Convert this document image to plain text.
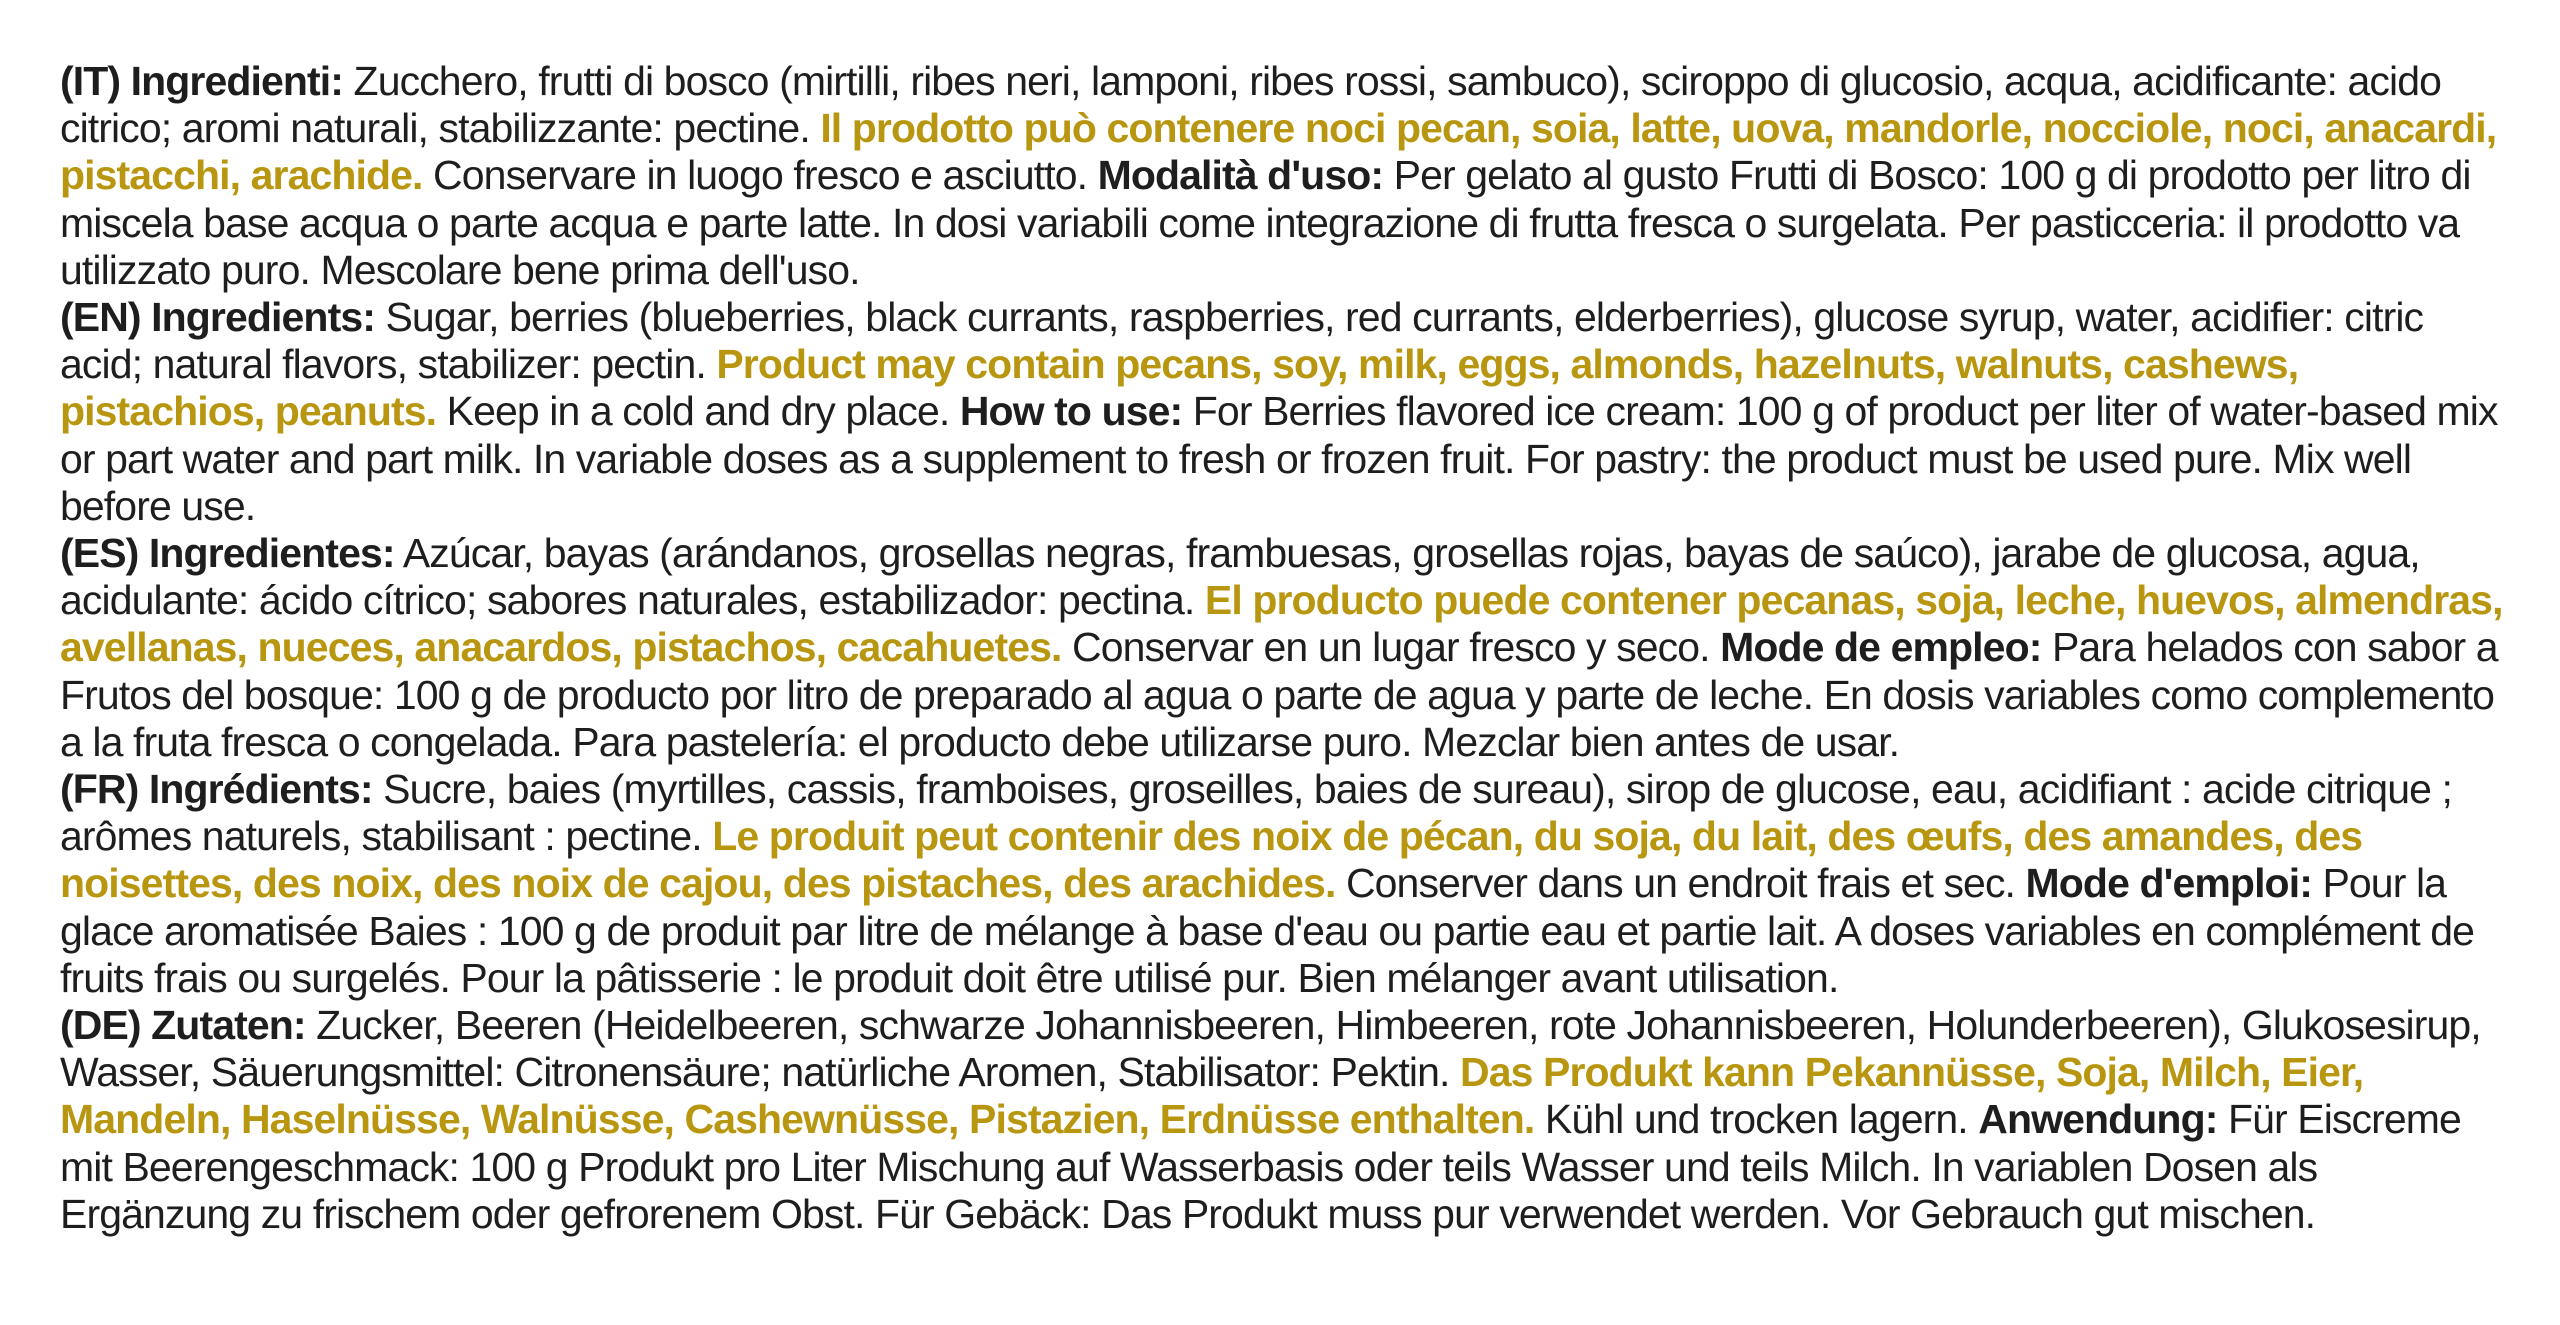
(IT) Ingredienti: Zucchero, frutti di bosco (mirtilli, ribes neri, lamponi, ribes rossi, sambuco), sciroppo di glucosio, acqua, acidificante: acido citrico; aromi naturali, stabilizzante: pectine. Il prodotto può contenere noci pecan, soia, latte, uova, mandorle, nocciole, noci, anacardi, pistacchi, arachide. Conservare in luogo fresco e asciutto. Modalità d'uso: Per gelato al gusto Frutti di Bosco: 100 g di prodotto per litro di miscela base acqua o parte acqua e parte latte. In dosi variabili come integrazione di frutta fresca o surgelata. Per pasticceria: il prodotto va utilizzato puro. Mescolare bene prima dell'uso.

(EN) Ingredients: Sugar, berries (blueberries, black currants, raspberries, red currants, elderberries), glucose syrup, water, acidifier: citric acid; natural flavors, stabilizer: pectin. Product may contain pecans, soy, milk, eggs, almonds, hazelnuts, walnuts, cashews, pistachios, peanuts. Keep in a cold and dry place. How to use: For Berries flavored ice cream: 100 g of product per liter of water-based mix or part water and part milk. In variable doses as a supplement to fresh or frozen fruit. For pastry: the product must be used pure. Mix well before use.

(ES) Ingredientes: Azúcar, bayas (arándanos, grosellas negras, frambuesas, grosellas rojas, bayas de saúco), jarabe de glucosa, agua, acidulante: ácido cítrico; sabores naturales, estabilizador: pectina. El producto puede contener pecanas, soja, leche, huevos, almendras, avellanas, nueces, anacardos, pistachos, cacahuetes. Conservar en un lugar fresco y seco. Mode de empleo: Para helados con sabor a Frutos del bosque: 100 g de producto por litro de preparado al agua o parte de agua y parte de leche. En dosis variables como complemento a la fruta fresca o congelada. Para pastelería: el producto debe utilizarse puro. Mezclar bien antes de usar.

(FR) Ingrédients: Sucre, baies (myrtilles, cassis, framboises, groseilles, baies de sureau), sirop de glucose, eau, acidifiant : acide citrique ; arômes naturels, stabilisant : pectine. Le produit peut contenir des noix de pécan, du soja, du lait, des œufs, des amandes, des noisettes, des noix, des noix de cajou, des pistaches, des arachides. Conserver dans un endroit frais et sec. Mode d'emploi: Pour la glace aromatisée Baies : 100 g de produit par litre de mélange à base d'eau ou partie eau et partie lait. A doses variables en complément de fruits frais ou surgelés. Pour la pâtisserie : le produit doit être utilisé pur. Bien mélanger avant utilisation.

(DE) Zutaten: Zucker, Beeren (Heidelbeeren, schwarze Johannisbeeren, Himbeeren, rote Johannisbeeren, Holunderbeeren), Glukosesirup, Wasser, Säuerungsmittel: Citronensäure; natürliche Aromen, Stabilisator: Pektin. Das Produkt kann Pekannüsse, Soja, Milch, Eier, Mandeln, Haselnüsse, Walnüsse, Cashewnüsse, Pistazien, Erdnüsse enthalten. Kühl und trocken lagern. Anwendung: Für Eiscreme mit Beerengeschmack: 100 g Produkt pro Liter Mischung auf Wasserbasis oder teils Wasser und teils Milch. In variablen Dosen als Ergänzung zu frischem oder gefrorenem Obst. Für Gebäck: Das Produkt muss pur verwendet werden. Vor Gebrauch gut mischen.
